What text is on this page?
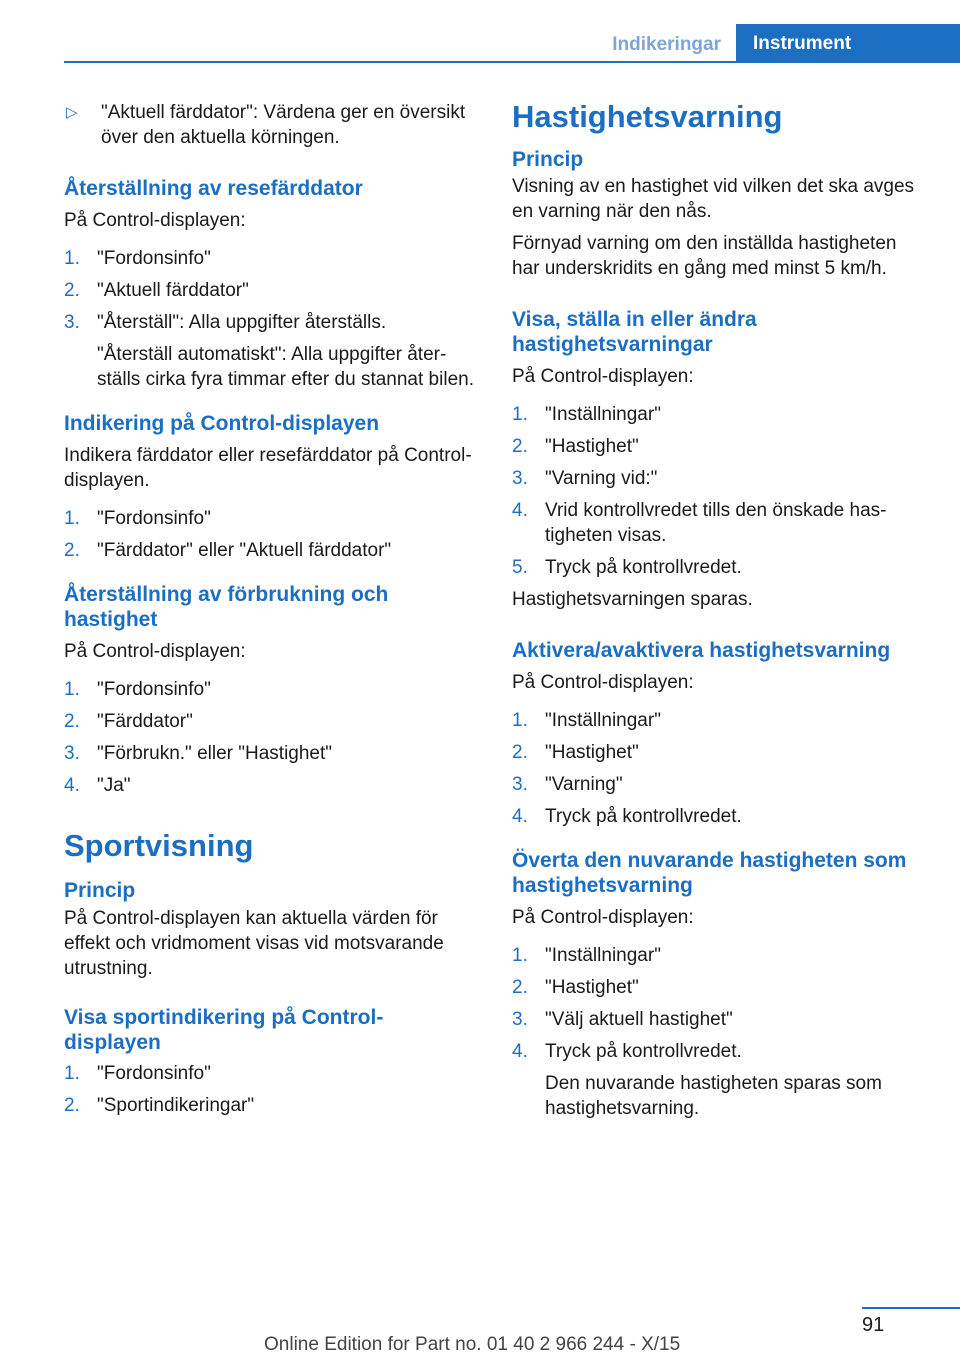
Indikeringar	Instrument
▷	"Aktuell färddator": Värdena ger en översikt över den aktuella körningen.
Återställning av resefärddator

På Control-displayen:

1. "Fordonsinfo"
2. "Aktuell färddator"
3. "Återställ": Alla uppgifter återställs.
"Återställ automatiskt": Alla uppgifter återställs cirka fyra timmar efter du stannat bilen.
Indikering på Control-displayen

Indikera färddator eller resefärddator på Control-displayen.

1. "Fordonsinfo"
2. "Färddator" eller "Aktuell färddator"
Återställning av förbrukning och hastighet

På Control-displayen:

1. "Fordonsinfo"
2. "Färddator"
3. "Förbrukn." eller "Hastighet"
4. "Ja"
Sportvisning
Princip

På Control-displayen kan aktuella värden för effekt och vridmoment visas vid motsvarande utrustning.

Visa sportindikering på Control-displayen
1. "Fordonsinfo"
2. "Sportindikeringar"
Hastighetsvarning
Princip

Visning av en hastighet vid vilken det ska avges en varning när den nås.

Förnyad varning om den inställda hastigheten har underskridits en gång med minst 5 km/h.

Visa, ställa in eller ändra hastighetsvarningar

På Control-displayen:

1. "Inställningar"
2. "Hastighet"
3. "Varning vid:"
4. Vrid kontrollvredet tills den önskade hastigheten visas.
5. Tryck på kontrollvredet.

Hastighetsvarningen sparas.

Aktivera/avaktivera hastighetsvarning

På Control-displayen:

1. "Inställningar"
2. "Hastighet"
3. "Varning"
4. Tryck på kontrollvredet.
Överta den nuvarande hastigheten som hastighetsvarning

På Control-displayen:

1. "Inställningar"
2. "Hastighet"
3. "Välj aktuell hastighet"
4. Tryck på kontrollvredet.
Den nuvarande hastigheten sparas som hastighetsvarning.
91
Online Edition for Part no. 01 40 2 966 244 - X/15
